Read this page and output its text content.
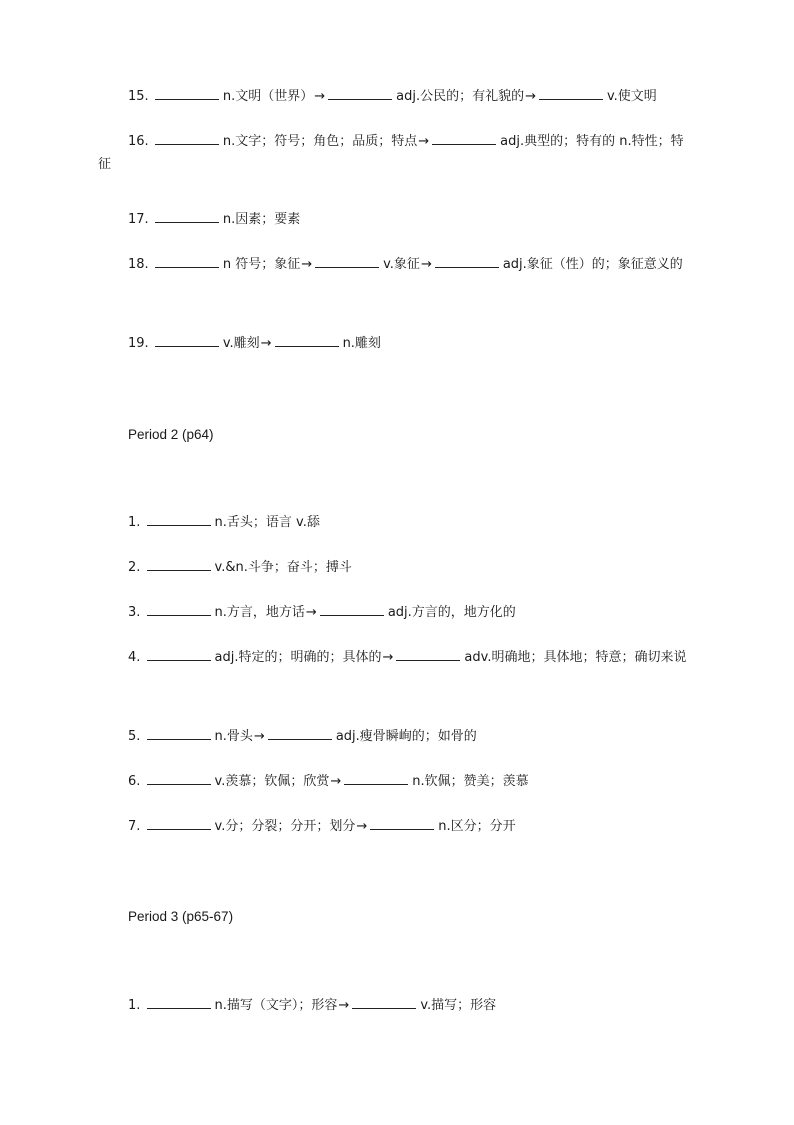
15.	n.文明（世界）→	adj.公民的；有礼貌的→	v.使文明
16.	n.文字；符号；角色；品质；特点→	adj.典型的；特有的 n.特性；特征
17.	n.因素；要素
18.	n 符号；象征→	v.象征→	adj.象征（性）的；象征意义的
19.	v.雕刻→	n.雕刻
Period 2 (p64)
1.	n.舌头；语言 v.舔
2.	v.&n.斗争；奋斗；搏斗
3.	n.方言，地方话→	adj.方言的，地方化的
4.	adj.特定的；明确的；具体的→	adv.明确地；具体地；特意；确切来说
5.	n.骨头→	adj.瘦骨瞬峋的；如骨的
6.	v.羡慕；钦佩；欣赏→	n.钦佩；赞美；羡慕
7.	v.分；分裂；分开；划分→	n.区分；分开
Period 3 (p65-67)
1.	n.描写（文字）；形容→	v.描写；形容
